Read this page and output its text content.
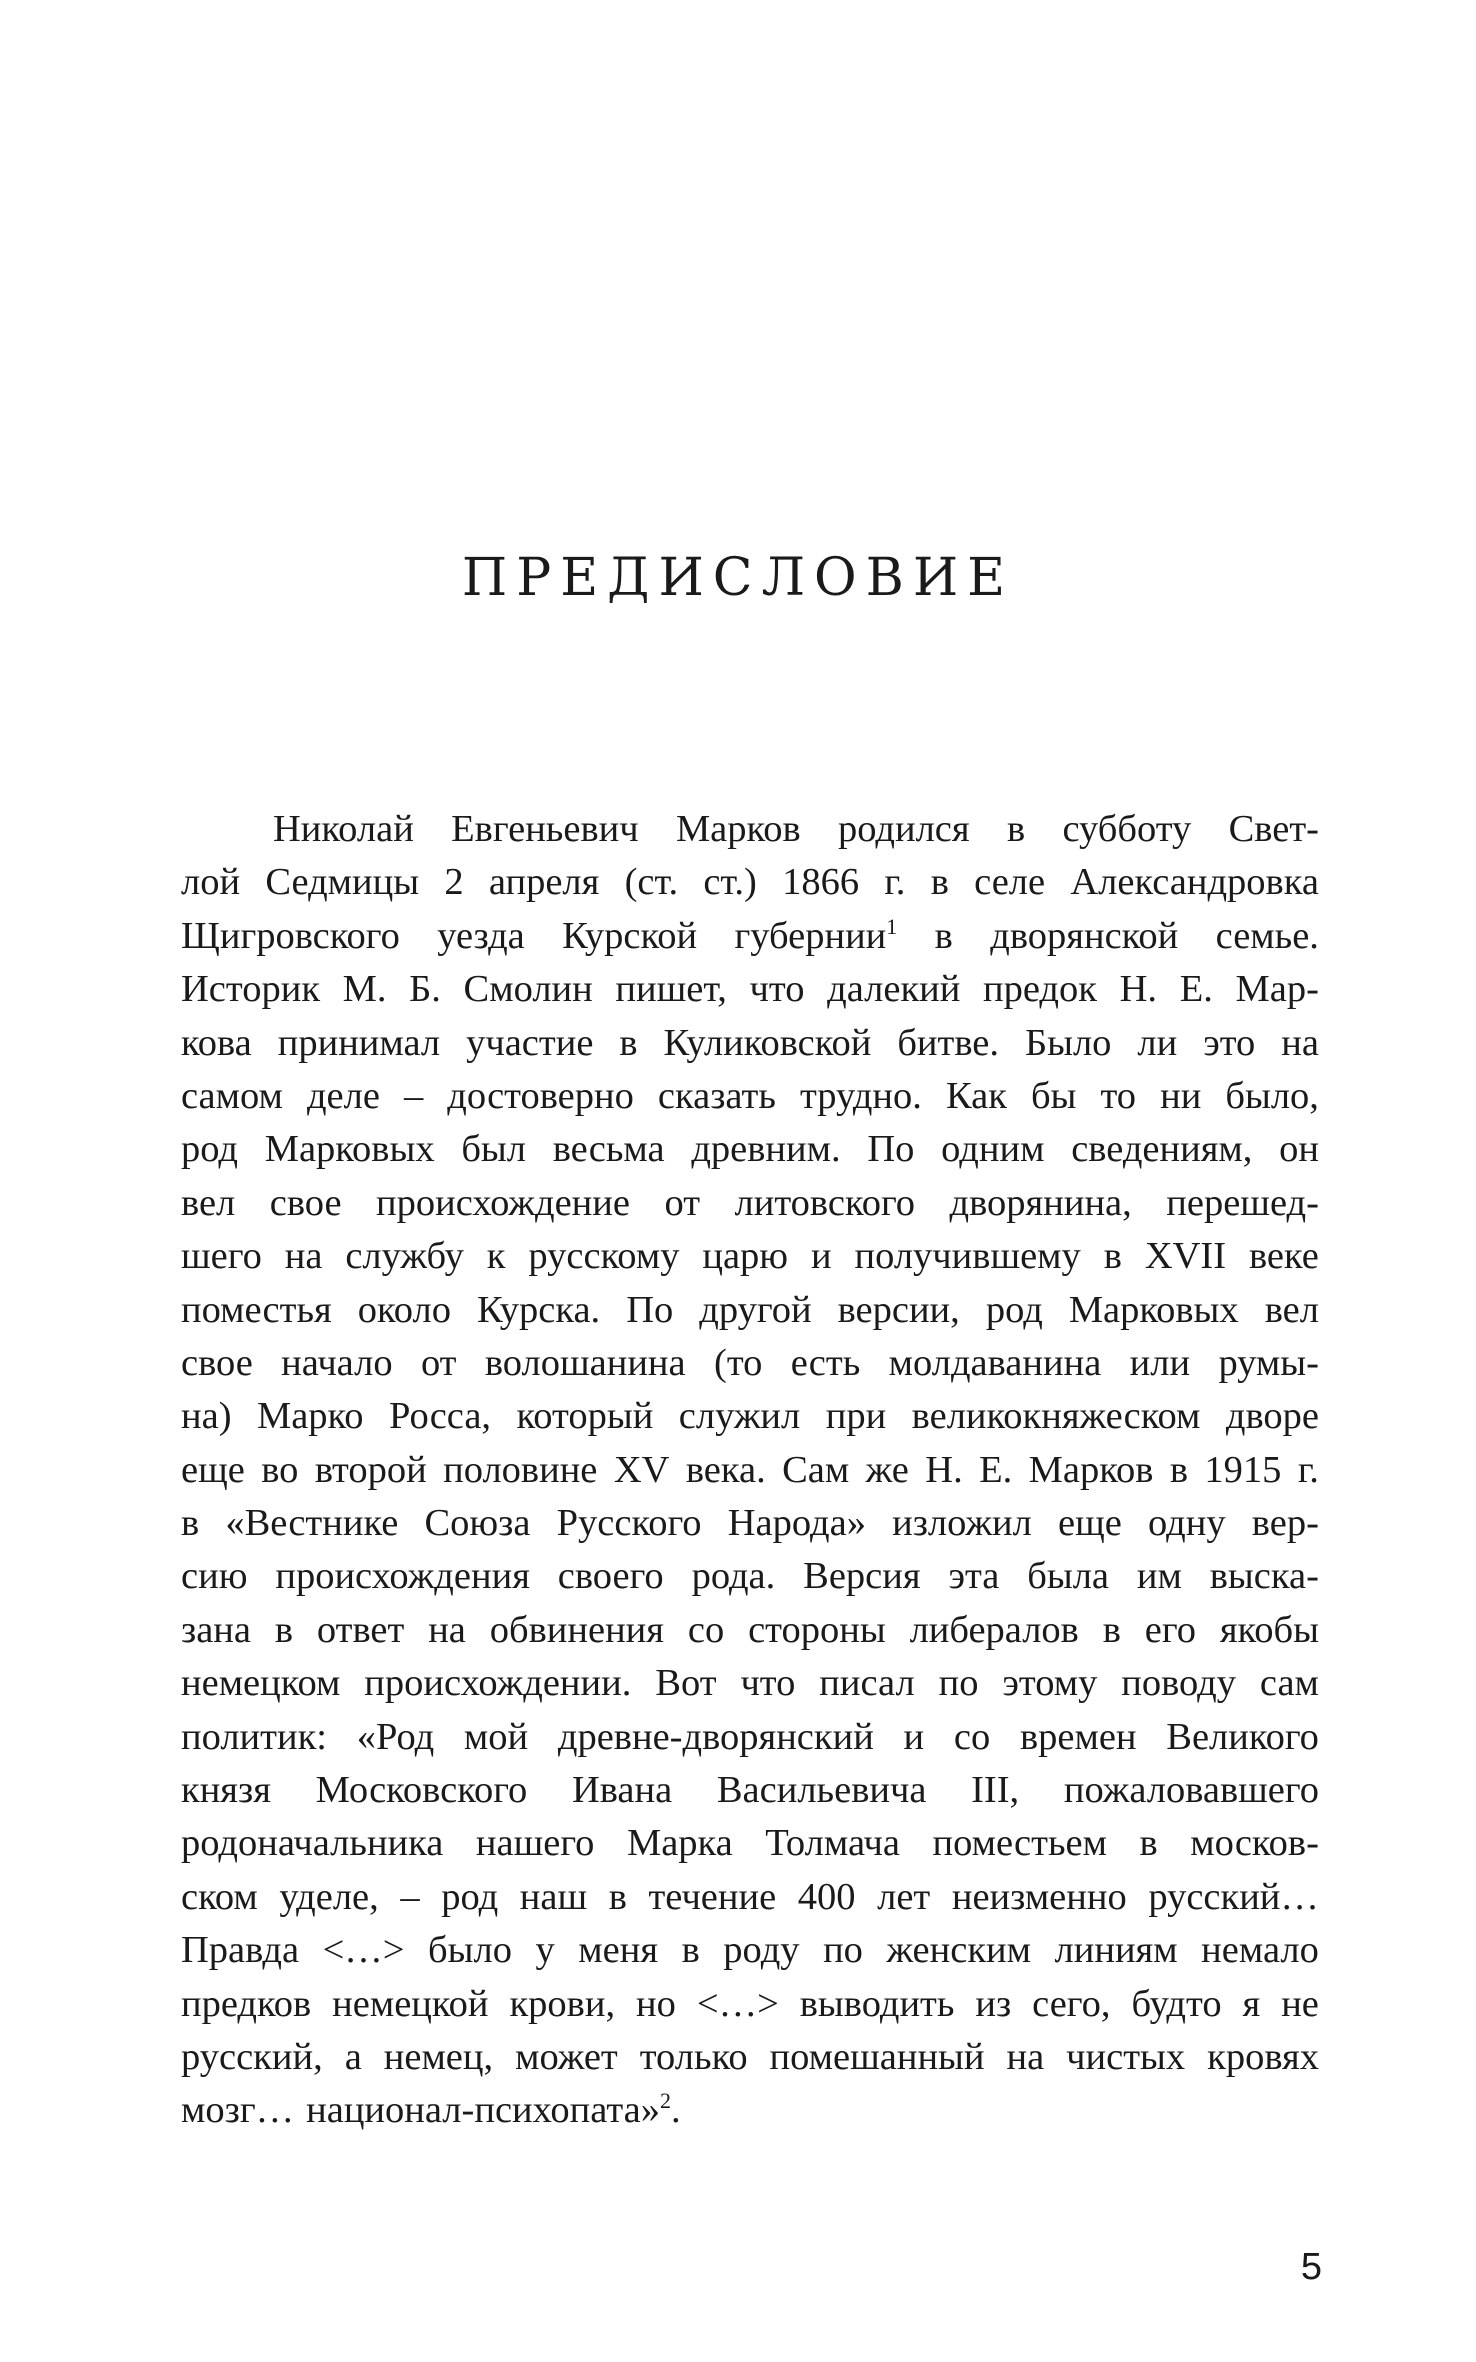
ПРЕДИСЛОВИЕ
Николай Евгеньевич Марков родился в субботу Свет-
лой Седмицы 2 апреля (ст. ст.) 1866 г. в селе Александровка
Щигровского уезда Курской губернии$^1$ в дворянской семье.
Историк М. Б. Смолин пишет, что далекий предок Н. Е. Мар-
кова принимал участие в Куликовской битве. Было ли это на
самом деле – достоверно сказать трудно. Как бы то ни было,
род Марковых был весьма древним. По одним сведениям, он
вел свое происхождение от литовского дворянина, перешед-
шего на службу к русскому царю и получившему в XVII веке
поместья около Курска. По другой версии, род Марковых вел
свое начало от волошанина (то есть молдаванина или румы-
на) Марко Росса, который служил при великокняжеском дворе
еще во второй половине XV века. Сам же Н. Е. Марков в 1915 г.
в «Вестнике Союза Русского Народа» изложил еще одну вер-
сию происхождения своего рода. Версия эта была им выска-
зана в ответ на обвинения со стороны либералов в его якобы
немецком происхождении. Вот что писал по этому поводу сам
политик: «Род мой древне-дворянский и со времен Великого
князя Московского Ивана Васильевича III, пожаловавшего
родоначальника нашего Марка Толмача поместьем в москов-
ском уделе, – род наш в течение 400 лет неизменно русский…
Правда <…> было у меня в роду по женским линиям немало
предков немецкой крови, но <…> выводить из сего, будто я не
русский, а немец, может только помешанный на чистых кровях
мозг… национал-психопата»$^2$.
5
